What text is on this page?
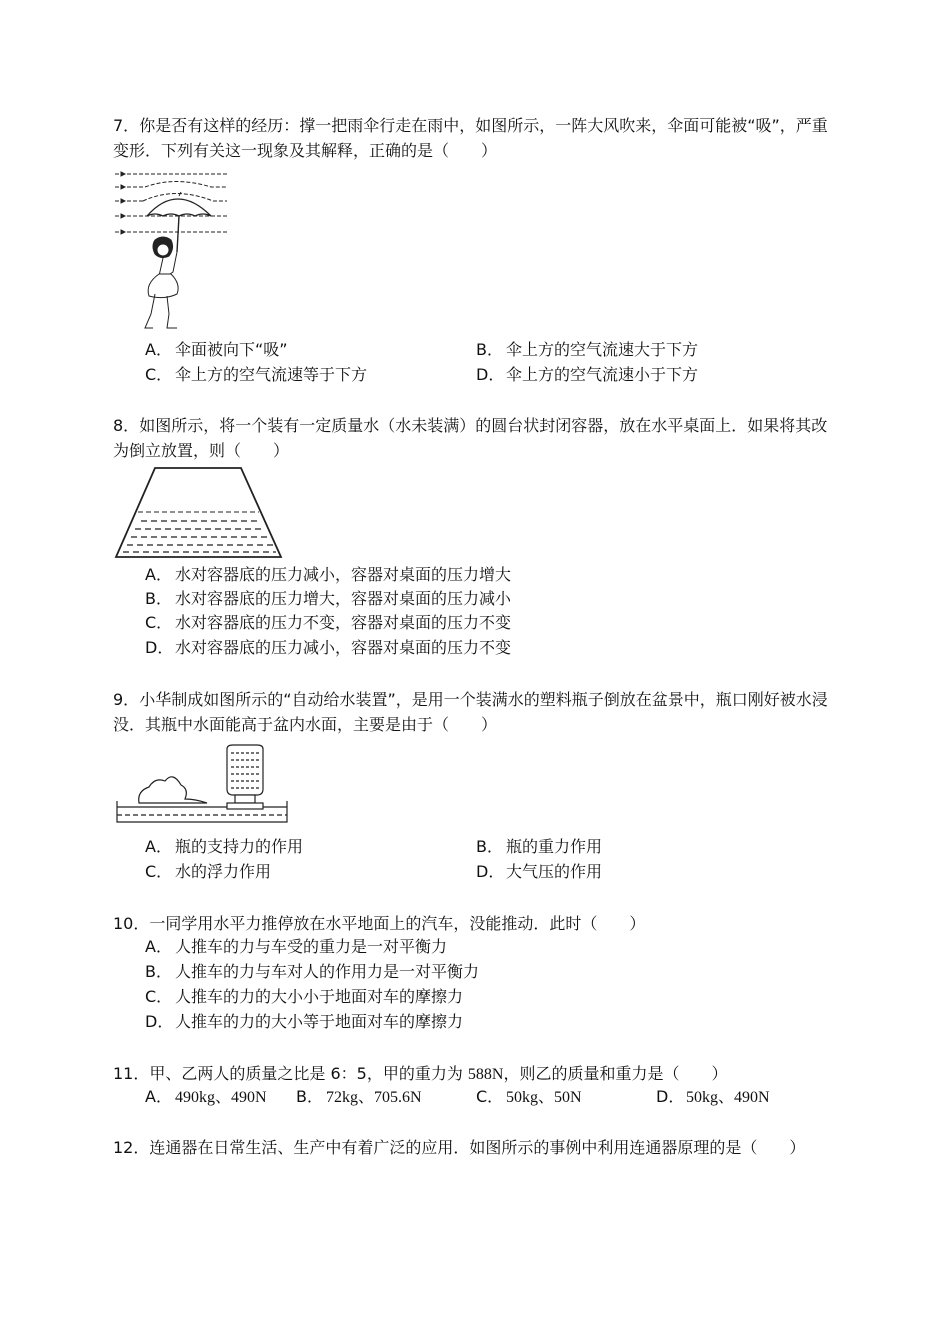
7．你是否有这样的经历：撑一把雨伞行走在雨中，如图所示，一阵大风吹来，伞面可能被“吸”，严重变形．下列有关这一现象及其解释，正确的是（　　）

A． 伞面被向下“吸”	B． 伞上方的空气流速大于下方
C． 伞上方的空气流速等于下方	D． 伞上方的空气流速小于下方

8．如图所示，将一个装有一定质量水（水未装满）的圆台状封闭容器，放在水平桌面上．如果将其改为倒立放置，则（　　）

A． 水对容器底的压力减小，容器对桌面的压力增大
B． 水对容器底的压力增大，容器对桌面的压力减小
C． 水对容器底的压力不变，容器对桌面的压力不变
D． 水对容器底的压力减小，容器对桌面的压力不变

9．小华制成如图所示的“自动给水装置”，是用一个装满水的塑料瓶子倒放在盆景中，瓶口刚好被水浸没．其瓶中水面能高于盆内水面，主要是由于（　　）

A． 瓶的支持力的作用	B． 瓶的重力作用
C． 水的浮力作用	D． 大气压的作用

10．一同学用水平力推停放在水平地面上的汽车，没能推动．此时（　　）

A． 人推车的力与车受的重力是一对平衡力
B． 人推车的力与车对人的作用力是一对平衡力
C． 人推车的力的大小小于地面对车的摩擦力
D． 人推车的力的大小等于地面对车的摩擦力

11．甲、乙两人的质量之比是 6：5，甲的重力为 588N，则乙的质量和重力是（　　）

A． 490kg、490N B． 72kg、705.6N	C． 50kg、50N	D． 50kg、490N

12．连通器在日常生活、生产中有着广泛的应用．如图所示的事例中利用连通器原理的是（　　）
